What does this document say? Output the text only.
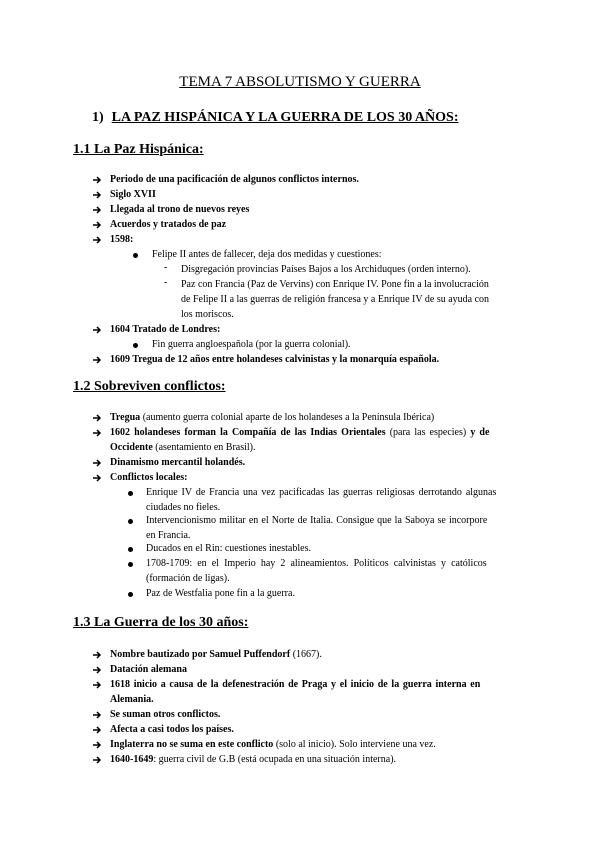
TEMA 7 ABSOLUTISMO Y GUERRA
1) LA PAZ HISPÁNICA Y LA GUERRA DE LOS 30 AÑOS:
1.1 La Paz Hispánica:
Periodo de una pacificación de algunos conflictos internos.
Siglo XVII
Llegada al trono de nuevos reyes
Acuerdos y tratados de paz
1598:
Felipe II antes de fallecer, deja dos medidas y cuestiones:
- Disgregación provincias Países Bajos a los Archiduques (orden interno).
- Paz con Francia (Paz de Vervins) con Enrique IV. Pone fin a la involucración
de Felipe II a las guerras de religión francesa y a Enrique IV de su ayuda con
los moriscos.
1604 Tratado de Londres:
Fin guerra angloespañola (por la guerra colonial).
1609 Tregua de 12 años entre holandeses calvinistas y la monarquía española.
1.2 Sobreviven conflictos:
Tregua (aumento guerra colonial aparte de los holandeses a la Península Ibérica)
1602 holandeses forman la Compañía de las Indias Orientales (para las especies) y de
Occidente (asentamiento en Brasil).
Dinamismo mercantil holandés.
Conflictos locales:
Enrique IV de Francia una vez pacificadas las guerras religiosas derrotando algunas
ciudades no fieles.
Intervencionismo militar en el Norte de Italia. Consigue que la Saboya se incorpore
en Francia.
Ducados en el Rin: cuestiones inestables.
1708-1709: en el Imperio hay 2 alineamientos. Políticos calvinistas y católicos
(formación de ligas).
Paz de Westfalia pone fin a la guerra.
1.3 La Guerra de los 30 años:
Nombre bautizado por Samuel Puffendorf (1667).
Datación alemana
1618 inicio a causa de la defenestración de Praga y el inicio de la guerra interna en
Alemania.
Se suman otros conflictos.
Afecta a casi todos los países.
Inglaterra no se suma en este conflicto (solo al inicio). Solo interviene una vez.
1640-1649: guerra civil de G.B (está ocupada en una situación interna).
